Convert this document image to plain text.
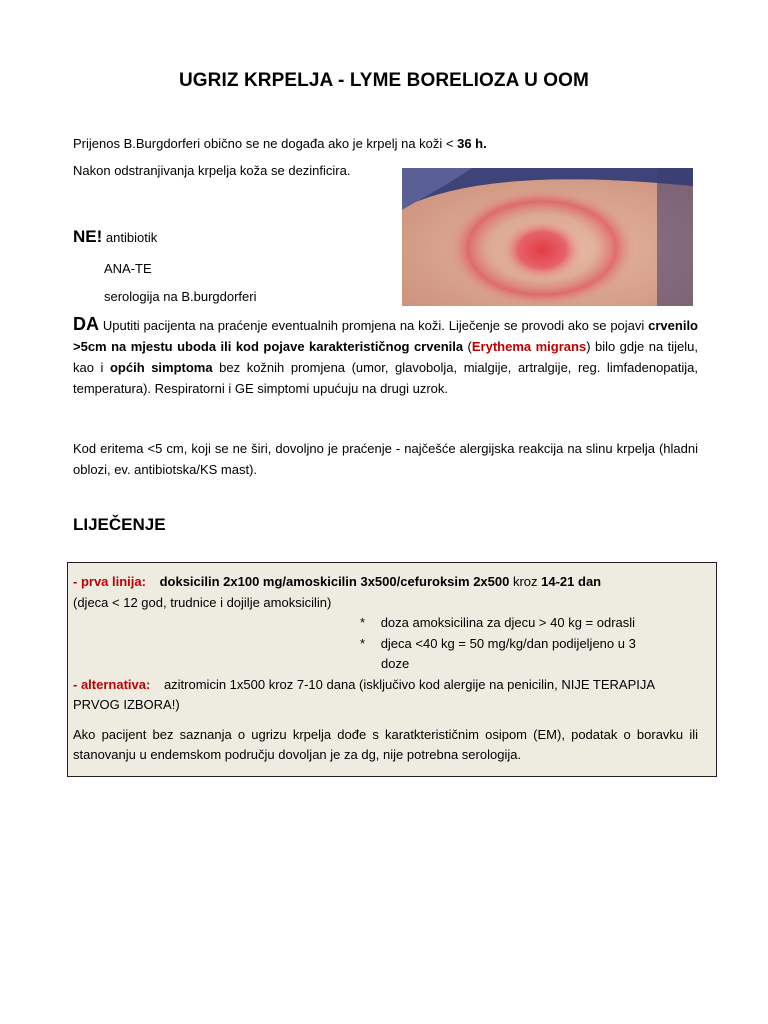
UGRIZ KRPELJA - LYME BORELIOZA U OOM
Prijenos B.Burgdorferi obično se ne događa ako je krpelj na koži < 36 h.
Nakon odstranjivanja krpelja koža se dezinficira.
NE! antibiotik
ANA-TE
serologija na B.burgdorferi
DA Uputiti pacijenta na praćenje eventualnih promjena na koži. Liječenje se provodi ako se pojavi crvenilo >5cm na mjestu uboda ili kod pojave karakterističnog crvenila (Erythema migrans) bilo gdje na tijelu, kao i općih simptoma bez kožnih promjena (umor, glavobolja, mialgije, artralgije, reg. limfadenopatija, temperatura). Respiratorni i GE simptomi upućuju na drugi uzrok.
Kod eritema <5 cm, koji se ne širi, dovoljno je praćenje - najčešće alergijska reakcija na slinu krpelja (hladni oblozi, ev. antibiotska/KS mast).
LIJEČENJE
- prva linija: doksicilin 2x100 mg/amoskicilin 3x500/cefuroksim 2x500 kroz 14-21 dan
(djeca < 12 god, trudnice i dojilje amoksicilin)
* doza amoksicilina za djecu > 40 kg = odrasli
* djeca <40 kg = 50 mg/kg/dan podijeljeno u 3
doze
- alternativa: azitromicin 1x500 kroz 7-10 dana (isključivo kod alergije na penicilin, NIJE TERAPIJA
PRVOG IZBORA!)
Ako pacijent bez saznanja o ugrizu krpelja dođe s karatkterističnim osipom (EM), podatak o boravku ili stanovanju u endemskom području dovoljan je za dg, nije potrebna serologija.
